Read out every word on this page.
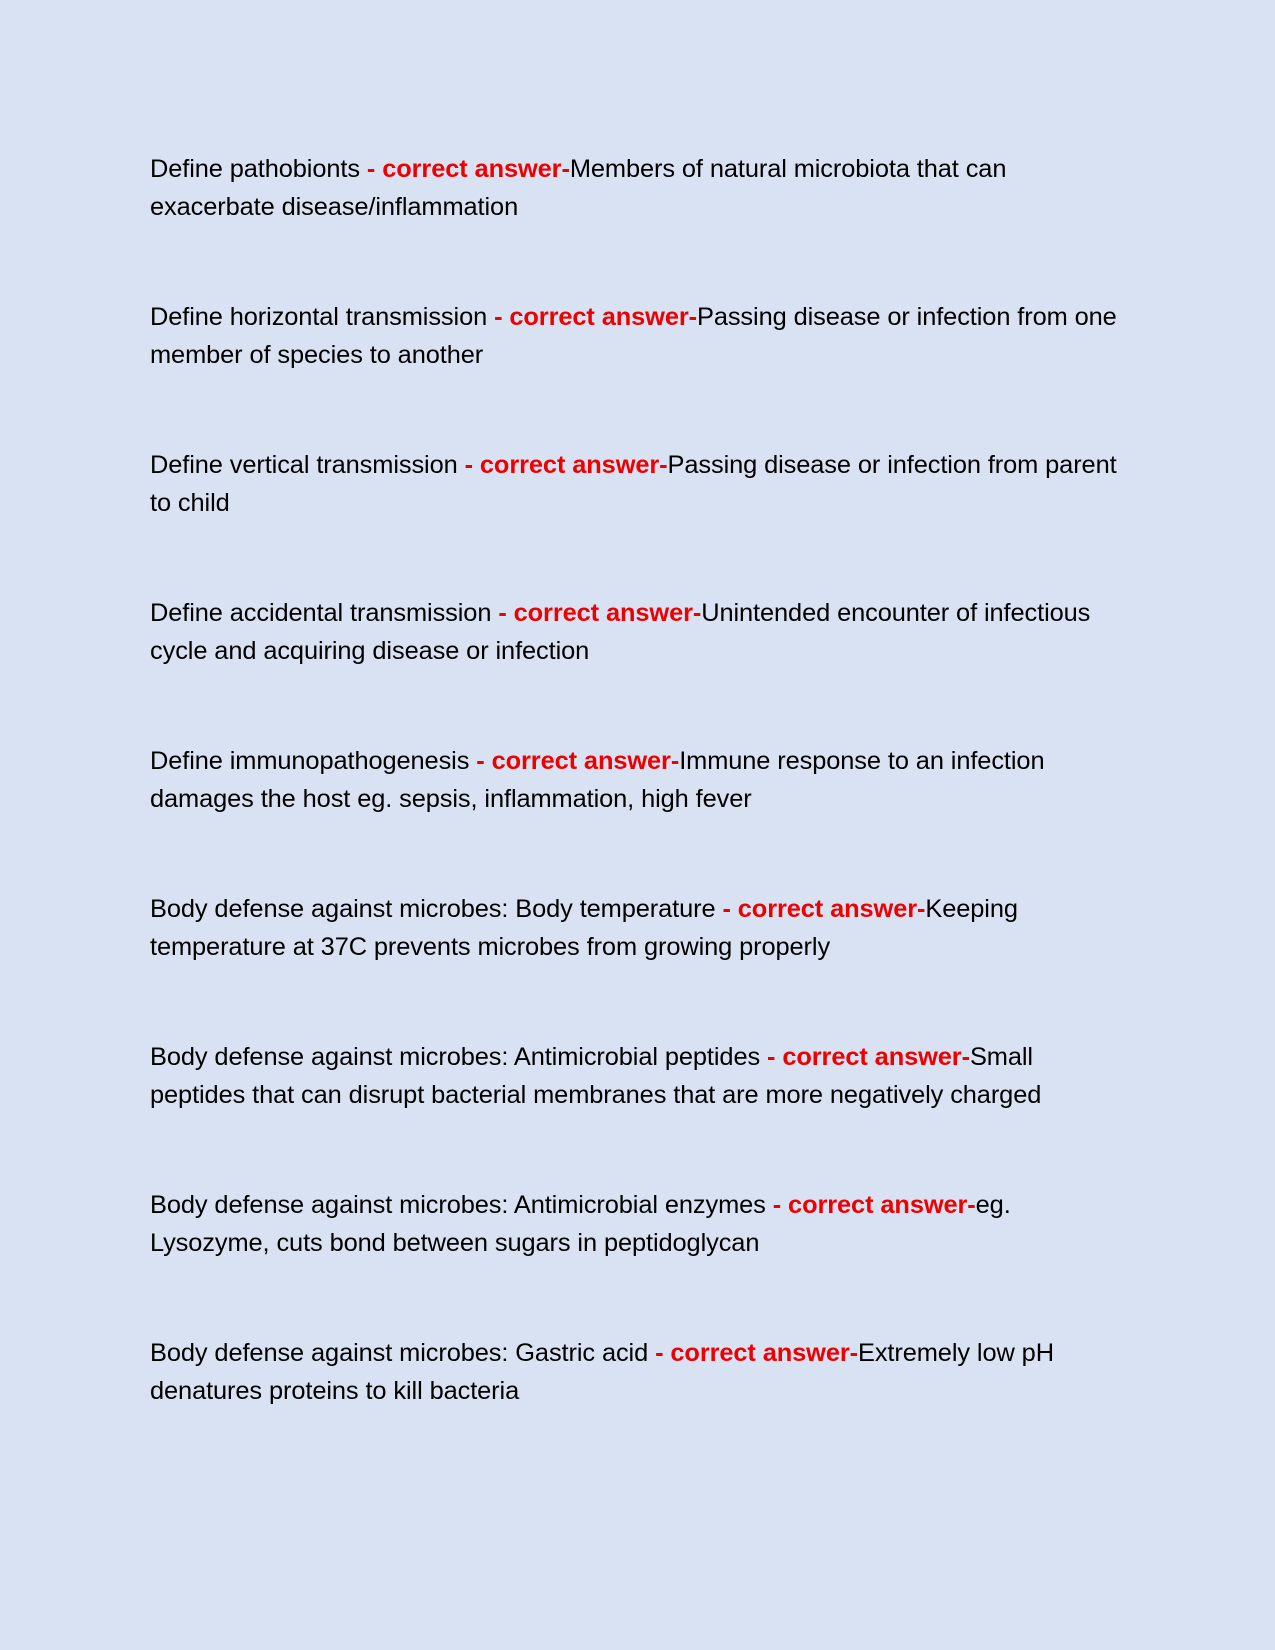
Define pathobionts - correct answer-Members of natural microbiota that can exacerbate disease/inflammation
Define horizontal transmission - correct answer-Passing disease or infection from one member of species to another
Define vertical transmission - correct answer-Passing disease or infection from parent to child
Define accidental transmission - correct answer-Unintended encounter of infectious cycle and acquiring disease or infection
Define immunopathogenesis - correct answer-Immune response to an infection damages the host eg. sepsis, inflammation, high fever
Body defense against microbes: Body temperature - correct answer-Keeping temperature at 37C prevents microbes from growing properly
Body defense against microbes: Antimicrobial peptides - correct answer-Small peptides that can disrupt bacterial membranes that are more negatively charged
Body defense against microbes: Antimicrobial enzymes - correct answer-eg. Lysozyme, cuts bond between sugars in peptidoglycan
Body defense against microbes: Gastric acid - correct answer-Extremely low pH denatures proteins to kill bacteria
